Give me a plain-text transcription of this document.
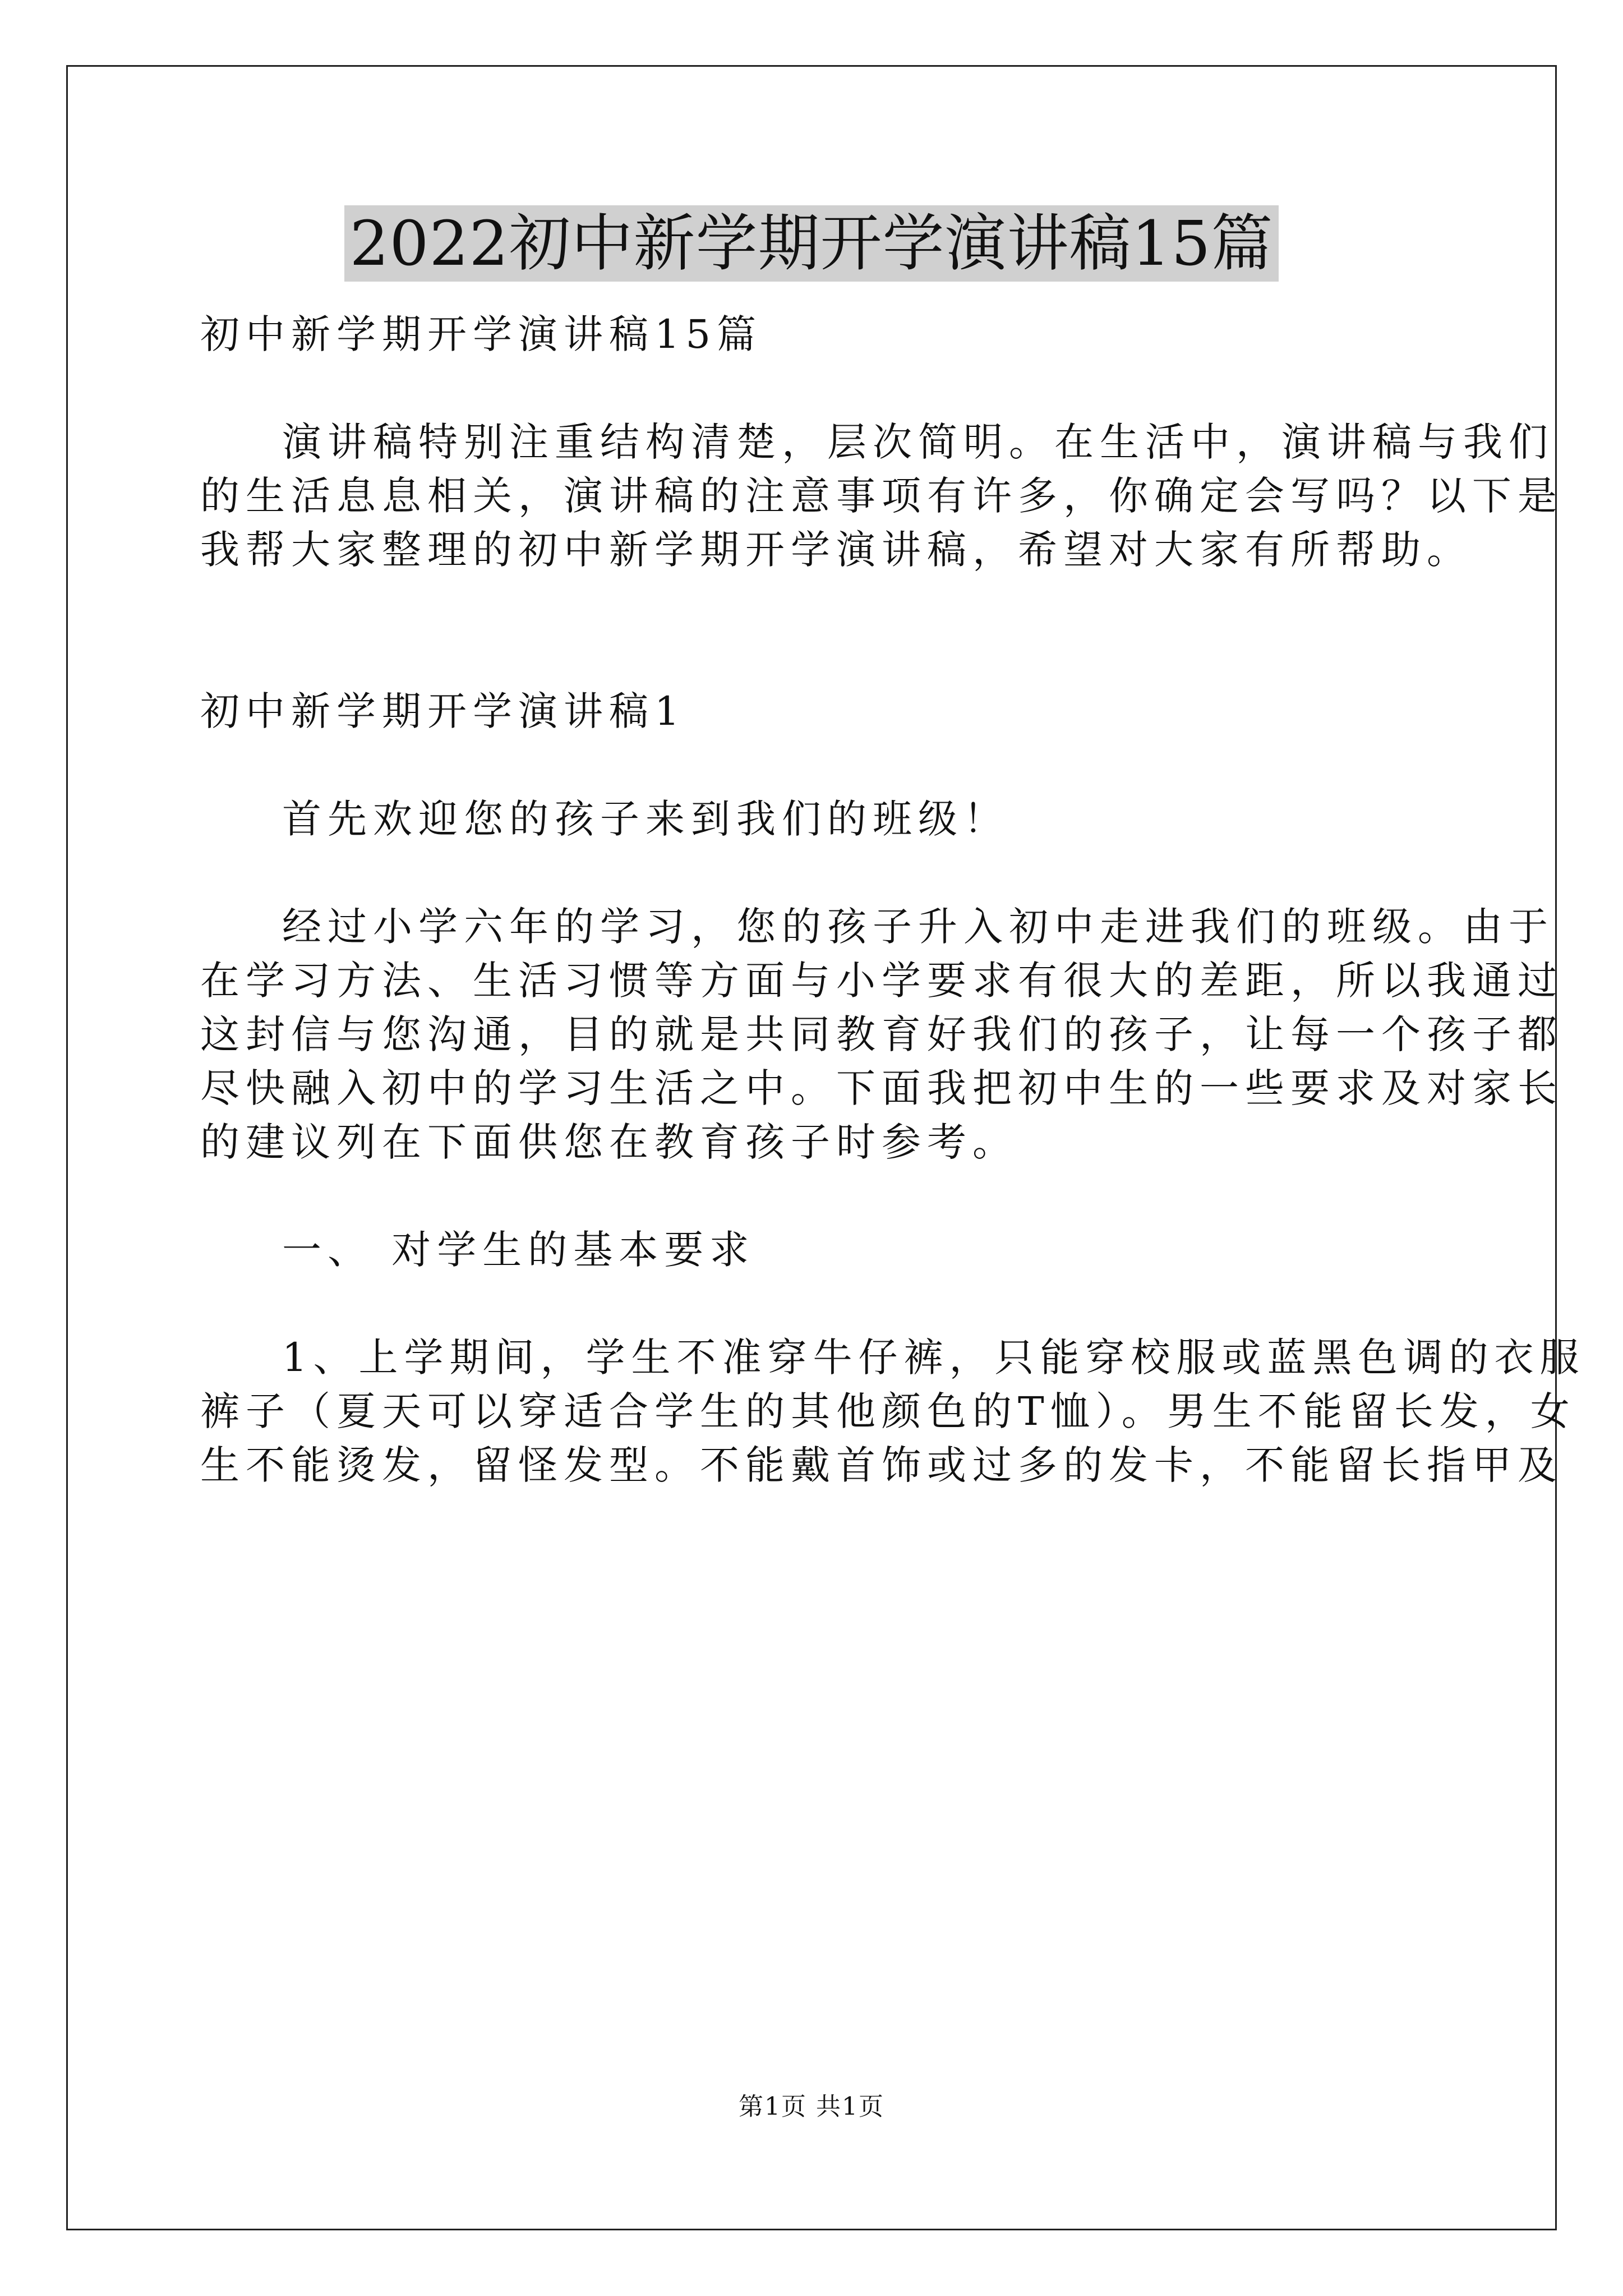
2022初中新学期开学演讲稿15篇
初中新学期开学演讲稿15篇
演讲稿特别注重结构清楚，层次简明。在生活中，演讲稿与我们
的生活息息相关，演讲稿的注意事项有许多，你确定会写吗？以下是
我帮大家整理的初中新学期开学演讲稿，希望对大家有所帮助。
初中新学期开学演讲稿1
首先欢迎您的孩子来到我们的班级！
经过小学六年的学习，您的孩子升入初中走进我们的班级。由于
在学习方法、生活习惯等方面与小学要求有很大的差距，所以我通过
这封信与您沟通，目的就是共同教育好我们的孩子，让每一个孩子都
尽快融入初中的学习生活之中。下面我把初中生的一些要求及对家长
的建议列在下面供您在教育孩子时参考。
一、 对学生的基本要求
1、上学期间，学生不准穿牛仔裤，只能穿校服或蓝黑色调的衣服
裤子（夏天可以穿适合学生的其他颜色的T恤）。男生不能留长发，女
生不能烫发，留怪发型。不能戴首饰或过多的发卡，不能留长指甲及
第1页 共1页
